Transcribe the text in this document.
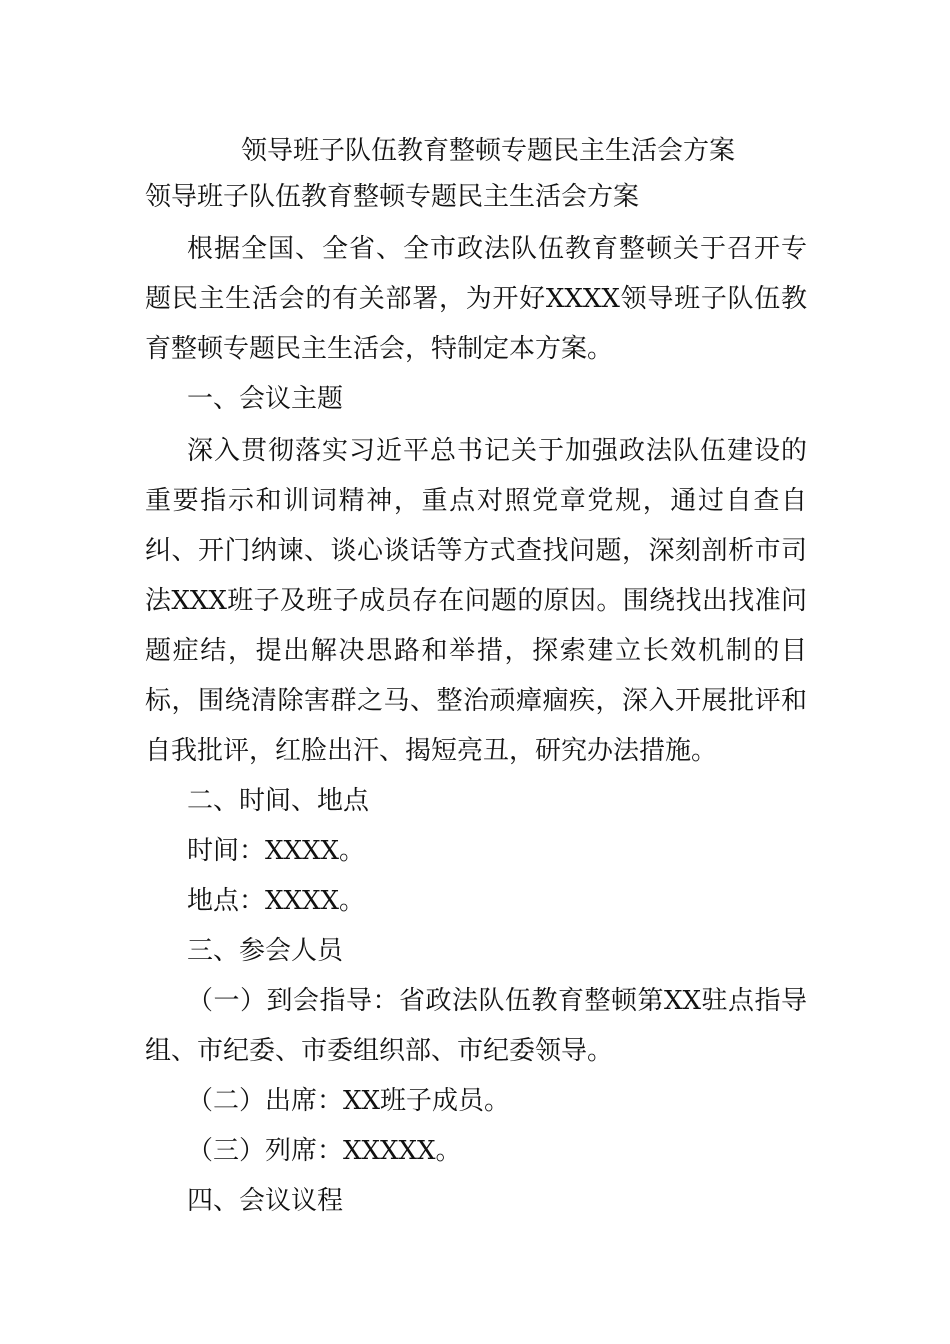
领导班子队伍教育整顿专题民主生活会方案
领导班子队伍教育整顿专题民主生活会方案

根据全国、全省、全市政法队伍教育整顿关于召开专题民主生活会的有关部署，为开好XXXX领导班子队伍教育整顿专题民主生活会，特制定本方案。

一、会议主题

深入贯彻落实习近平总书记关于加强政法队伍建设的重要指示和训词精神，重点对照党章党规，通过自查自纠、开门纳谏、谈心谈话等方式查找问题，深刻剖析市司法XXX班子及班子成员存在问题的原因。围绕找出找准问题症结，提出解决思路和举措，探索建立长效机制的目标，围绕清除害群之马、整治顽瘴痼疾，深入开展批评和自我批评，红脸出汗、揭短亮丑，研究办法措施。

二、时间、地点

时间：XXXX。

地点：XXXX。

三、参会人员

（一）到会指导：省政法队伍教育整顿第XX驻点指导组、市纪委、市委组织部、市纪委领导。

（二）出席：XX班子成员。

（三）列席：XXXXX。

四、会议议程
